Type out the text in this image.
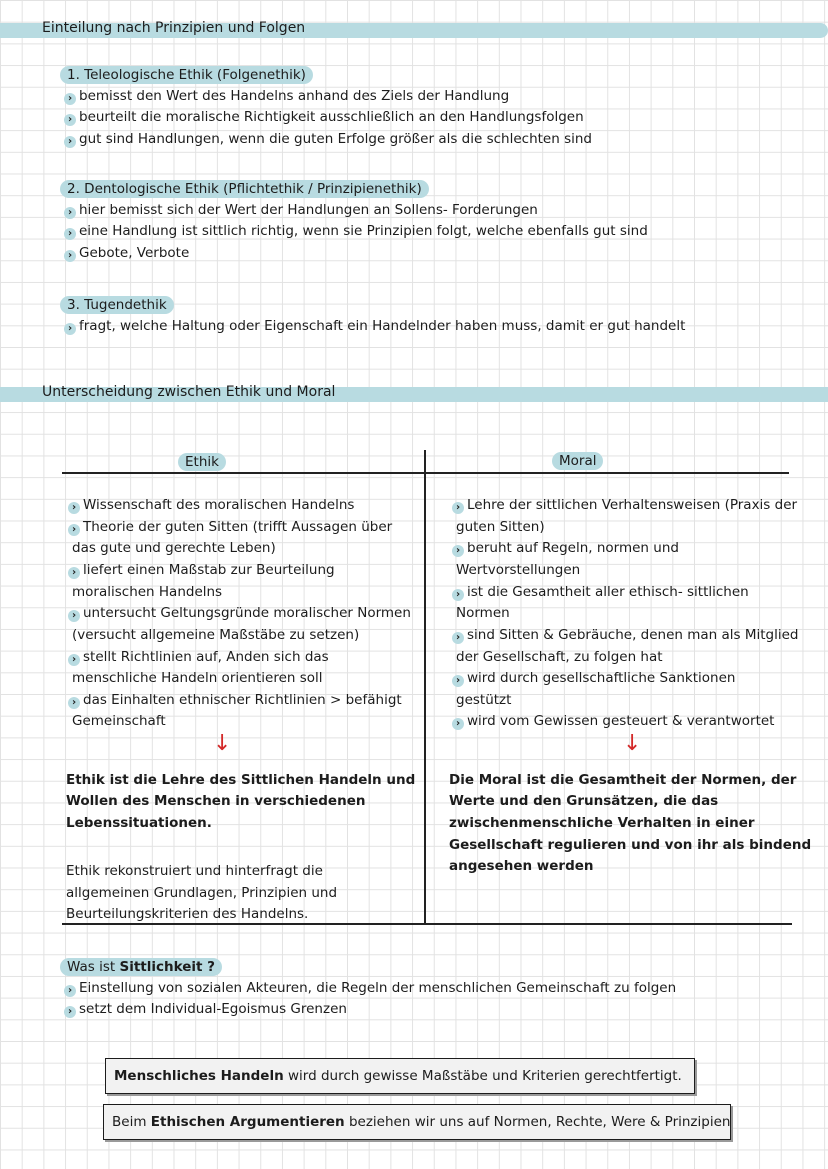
Einteilung nach Prinzipien und Folgen
1. Teleologische Ethik (Folgenethik)
› bemisst den Wert des Handelns anhand des Ziels der Handlung
› beurteilt die moralische Richtigkeit ausschließlich an den Handlungsfolgen
› gut sind Handlungen, wenn die guten Erfolge größer als die schlechten sind
2. Dentologische Ethik (Pflichtethik / Prinzipienethik)
› hier bemisst sich der Wert der Handlungen an Sollens- Forderungen
› eine Handlung ist sittlich richtig, wenn sie Prinzipien folgt, welche ebenfalls gut sind
› Gebote, Verbote
3. Tugendethik
› fragt, welche Haltung oder Eigenschaft ein Handelnder haben muss, damit er gut handelt
Unterscheidung zwischen Ethik und Moral
Ethik	Moral
› Wissenschaft des moralischen Handelns
› Theorie der guten Sitten (trifft Aussagen über
das gute und gerechte Leben)
› liefert einen Maßstab zur Beurteilung
moralischen Handelns
› untersucht Geltungsgründe moralischer Normen
(versucht allgemeine Maßstäbe zu setzen)
› stellt Richtlinien auf, Anden sich das
menschliche Handeln orientieren soll
› das Einhalten ethnischer Richtlinien > befähigt
Gemeinschaft
↓
Ethik ist die Lehre des Sittlichen Handeln und
Wollen des Menschen in verschiedenen
Lebenssituationen.
Ethik rekonstruiert und hinterfragt die
allgemeinen Grundlagen, Prinzipien und
Beurteilungskriterien des Handelns.
› Lehre der sittlichen Verhaltensweisen (Praxis der
guten Sitten)
› beruht auf Regeln, normen und
Wertvorstellungen
› ist die Gesamtheit aller ethisch- sittlichen
Normen
› sind Sitten & Gebräuche, denen man als Mitglied
der Gesellschaft, zu folgen hat
› wird durch gesellschaftliche Sanktionen
gestützt
› wird vom Gewissen gesteuert & verantwortet
↓
Die Moral ist die Gesamtheit der Normen, der
Werte und den Grunsätzen, die das
zwischenmenschliche Verhalten in einer
Gesellschaft regulieren und von ihr als bindend
angesehen werden
Was ist Sittlichkeit ?
› Einstellung von sozialen Akteuren, die Regeln der menschlichen Gemeinschaft zu folgen
› setzt dem Individual-Egoismus Grenzen
Menschliches Handeln wird durch gewisse Maßstäbe und Kriterien gerechtfertigt.
Beim Ethischen Argumentieren beziehen wir uns auf Normen, Rechte, Were & Prinzipien
